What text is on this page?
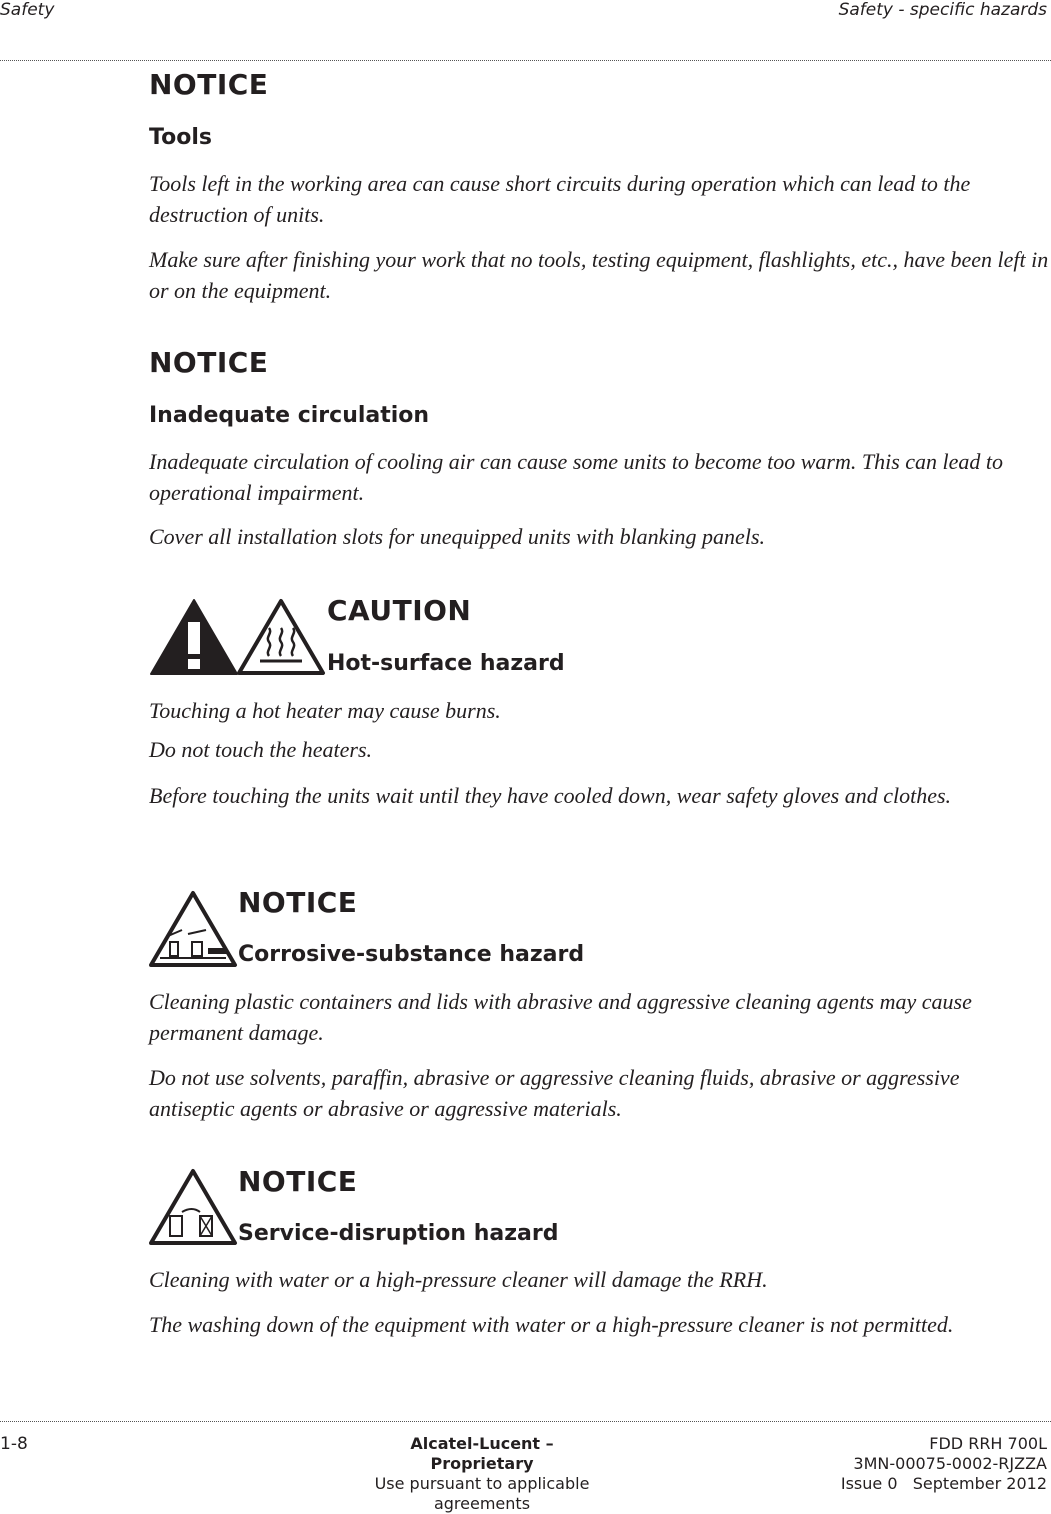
Safety	Safety - specific hazards
NOTICE
Tools
Tools left in the working area can cause short circuits during operation which can lead to the destruction of units.
Make sure after finishing your work that no tools, testing equipment, flashlights, etc., have been left in or on the equipment.
NOTICE
Inadequate circulation
Inadequate circulation of cooling air can cause some units to become too warm. This can lead to operational impairment.
Cover all installation slots for unequipped units with blanking panels.
CAUTION
Hot-surface hazard
Touching a hot heater may cause burns.
Do not touch the heaters.
Before touching the units wait until they have cooled down, wear safety gloves and clothes.
NOTICE
Corrosive-substance hazard
Cleaning plastic containers and lids with abrasive and aggressive cleaning agents may cause permanent damage.
Do not use solvents, paraffin, abrasive or aggressive cleaning fluids, abrasive or aggressive antiseptic agents or abrasive or aggressive materials.
NOTICE
Service-disruption hazard
Cleaning with water or a high-pressure cleaner will damage the RRH.
The washing down of the equipment with water or a high-pressure cleaner is not permitted.
1-8	Alcatel-Lucent – Proprietary
Use pursuant to applicable agreements
FDD RRH 700L
3MN-00075-0002-RJZZA
Issue 0   September 2012
